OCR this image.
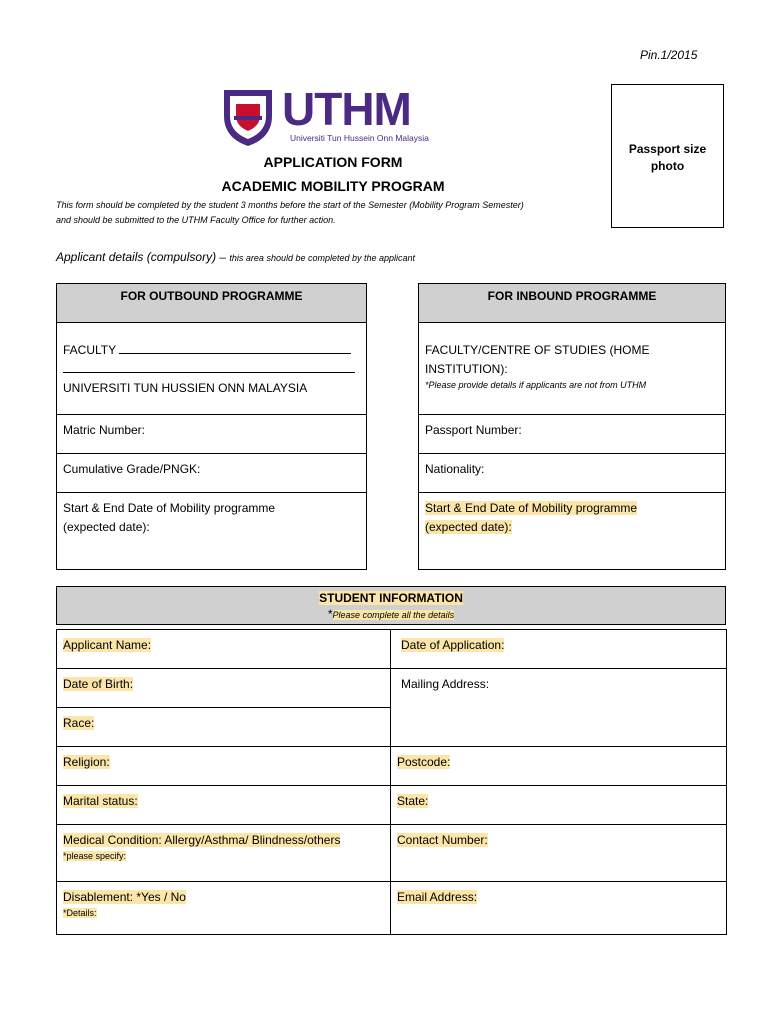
Pin.1/2015
UTHM
Universiti Tun Hussein Onn Malaysia
Passport size photo
APPLICATION FORM
ACADEMIC MOBILITY PROGRAM
This form should be completed by the student 3 months before the start of the Semester (Mobility Program Semester)
and should be submitted to the UTHM Faculty Office for further action.
Applicant details (compulsory) – this area should be completed by the applicant
FOR OUTBOUND PROGRAMME

FACULTY
UNIVERSITI TUN HUSSIEN ONN MALAYSIA

Matric Number:
Cumulative Grade/PNGK:

Start & End Date of Mobility programme
(expected date):
FOR INBOUND PROGRAMME

FACULTY/CENTRE OF STUDIES (HOME
INSTITUTION):
*Please provide details if applicants are not from UTHM

Passport Number:
Nationality:

Start & End Date of Mobility programme
(expected date):
STUDENT INFORMATION
*Please complete all the details
Applicant Name:	Date of Application:
Date of Birth:	Mailing Address:
Race:	
Religion:	Postcode:
Marital status:	State:

Medical Condition: Allergy/Asthma/ Blindness/others
*please specify:	Contact Number:

Disablement: *Yes / No
*Details:	Email Address:
